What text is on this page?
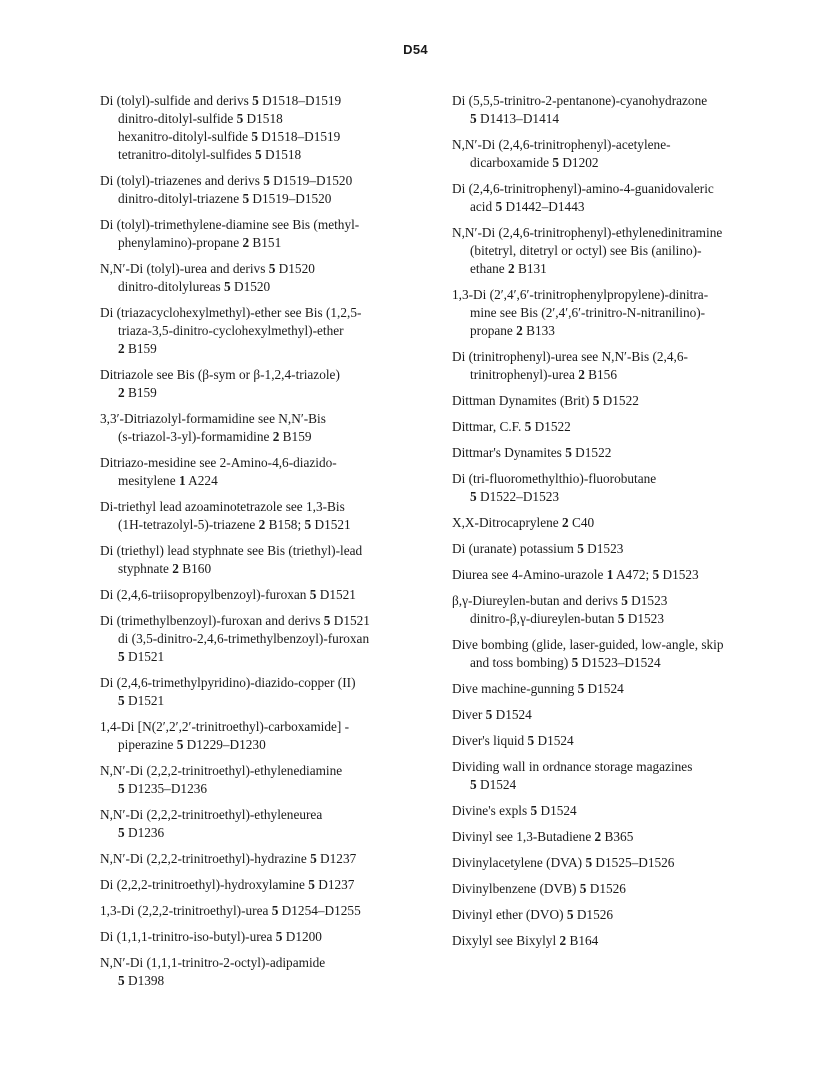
D54
Di (tolyl)-sulfide and derivs 5 D1518–D1519
dinitro-ditolyl-sulfide 5 D1518
hexanitro-ditolyl-sulfide 5 D1518–D1519
tetranitro-ditolyl-sulfides 5 D1518
Di (tolyl)-triazenes and derivs 5 D1519–D1520
dinitro-ditolyl-triazene 5 D1519–D1520
Di (tolyl)-trimethylene-diamine see Bis (methyl-
phenylamino)-propane 2 B151
N,N′-Di (tolyl)-urea and derivs 5 D1520
dinitro-ditolylureas 5 D1520
Di (triazacyclohexylmethyl)-ether see Bis (1,2,5-
triaza-3,5-dinitro-cyclohexylmethyl)-ether
2 B159
Ditriazole see Bis (β-sym or β-1,2,4-triazole)
2 B159
3,3′-Ditriazolyl-formamidine see N,N′-Bis
(s-triazol-3-yl)-formamidine 2 B159
Ditriazo-mesidine see 2-Amino-4,6-diazido-
mesitylene 1 A224
Di-triethyl lead azoaminotetrazole see 1,3-Bis
(1H-tetrazolyl-5)-triazene 2 B158; 5 D1521
Di (triethyl) lead styphnate see Bis (triethyl)-lead
styphnate 2 B160
Di (2,4,6-triisopropylbenzoyl)-furoxan 5 D1521
Di (trimethylbenzoyl)-furoxan and derivs 5 D1521
di (3,5-dinitro-2,4,6-trimethylbenzoyl)-furoxan
5 D1521
Di (2,4,6-trimethylpyridino)-diazido-copper (II)
5 D1521
1,4-Di [N(2′,2′,2′-trinitroethyl)-carboxamide] -
piperazine 5 D1229–D1230
N,N′-Di (2,2,2-trinitroethyl)-ethylenediamine
5 D1235–D1236
N,N′-Di (2,2,2-trinitroethyl)-ethyleneurea
5 D1236
N,N′-Di (2,2,2-trinitroethyl)-hydrazine 5 D1237
Di (2,2,2-trinitroethyl)-hydroxylamine 5 D1237
1,3-Di (2,2,2-trinitroethyl)-urea 5 D1254–D1255
Di (1,1,1-trinitro-iso-butyl)-urea 5 D1200
N,N′-Di (1,1,1-trinitro-2-octyl)-adipamide
5 D1398
Di (5,5,5-trinitro-2-pentanone)-cyanohydrazone
5 D1413–D1414
N,N′-Di (2,4,6-trinitrophenyl)-acetylene-
dicarboxamide 5 D1202
Di (2,4,6-trinitrophenyl)-amino-4-guanidovaleric
acid 5 D1442–D1443
N,N′-Di (2,4,6-trinitrophenyl)-ethylenedinitramine
(bitetryl, ditetryl or octyl) see Bis (anilino)-
ethane 2 B131
1,3-Di (2′,4′,6′-trinitrophenylpropylene)-dinitra-
mine see Bis (2′,4′,6′-trinitro-N-nitranilino)-
propane 2 B133
Di (trinitrophenyl)-urea see N,N′-Bis (2,4,6-
trinitrophenyl)-urea 2 B156
Dittman Dynamites (Brit) 5 D1522
Dittmar, C.F. 5 D1522
Dittmar's Dynamites 5 D1522
Di (tri-fluoromethylthio)-fluorobutane
5 D1522–D1523
X,X-Ditrocaprylene 2 C40
Di (uranate) potassium 5 D1523
Diurea see 4-Amino-urazole 1 A472; 5 D1523
β,γ-Diureylen-butan and derivs 5 D1523
dinitro-β,γ-diureylen-butan 5 D1523
Dive bombing (glide, laser-guided, low-angle, skip
and toss bombing) 5 D1523–D1524
Dive machine-gunning 5 D1524
Diver 5 D1524
Diver's liquid 5 D1524
Dividing wall in ordnance storage magazines
5 D1524
Divine's expls 5 D1524
Divinyl see 1,3-Butadiene 2 B365
Divinylacetylene (DVA) 5 D1525–D1526
Divinylbenzene (DVB) 5 D1526
Divinyl ether (DVO) 5 D1526
Dixylyl see Bixylyl 2 B164
